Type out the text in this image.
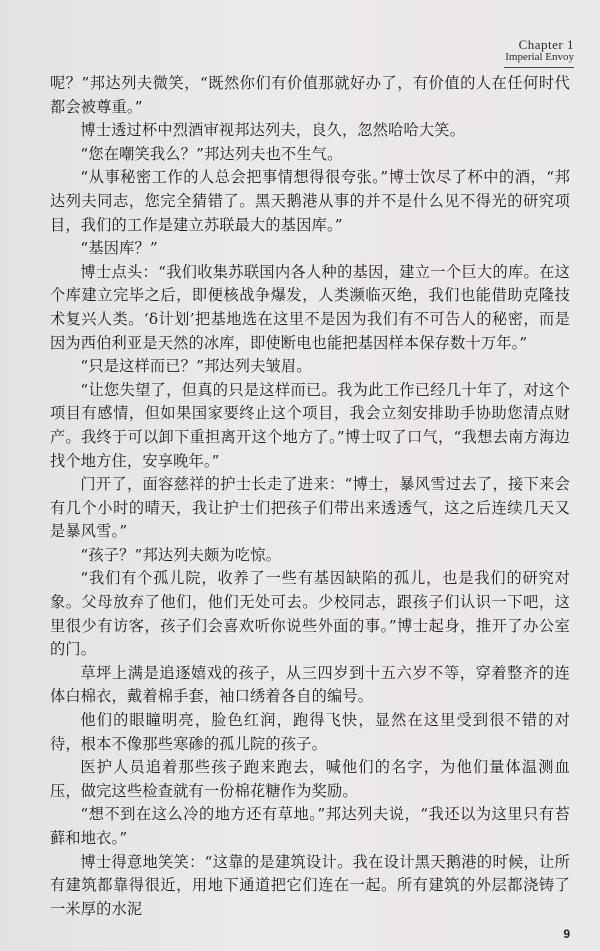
Chapter 1
Imperial Envoy

呢？”邦达列夫微笑，“既然你们有价值那就好办了，有价值的人在任何时代都会被尊重。”

博士透过杯中烈酒审视邦达列夫，良久，忽然哈哈大笑。

“您在嘲笑我么？”邦达列夫也不生气。

“从事秘密工作的人总会把事情想得很夸张。”博士饮尽了杯中的酒，“邦达列夫同志，您完全猜错了。黑天鹅港从事的并不是什么见不得光的研究项目，我们的工作是建立苏联最大的基因库。”

“基因库？”

博士点头：“我们收集苏联国内各人种的基因，建立一个巨大的库。在这个库建立完毕之后，即便核战争爆发，人类濒临灭绝，我们也能借助克隆技术复兴人类。‘δ计划’把基地选在这里不是因为我们有不可告人的秘密，而是因为西伯利亚是天然的冰库，即使断电也能把基因样本保存数十万年。”

“只是这样而已？”邦达列夫皱眉。

“让您失望了，但真的只是这样而已。我为此工作已经几十年了，对这个项目有感情，但如果国家要终止这个项目，我会立刻安排助手协助您清点财产。我终于可以卸下重担离开这个地方了。”博士叹了口气，“我想去南方海边找个地方住，安享晚年。”

门开了，面容慈祥的护士长走了进来：“博士，暴风雪过去了，接下来会有几个小时的晴天，我让护士们把孩子们带出来透透气，这之后连续几天又是暴风雪。”

“孩子？”邦达列夫颇为吃惊。

“我们有个孤儿院，收养了一些有基因缺陷的孤儿，也是我们的研究对象。父母放弃了他们，他们无处可去。少校同志，跟孩子们认识一下吧，这里很少有访客，孩子们会喜欢听你说些外面的事。”博士起身，推开了办公室的门。

草坪上满是追逐嬉戏的孩子，从三四岁到十五六岁不等，穿着整齐的连体白棉衣，戴着棉手套，袖口绣着各自的编号。

他们的眼瞳明亮，脸色红润，跑得飞快，显然在这里受到很不错的对待，根本不像那些寒碜的孤儿院的孩子。

医护人员追着那些孩子跑来跑去，喊他们的名字，为他们量体温测血压，做完这些检查就有一份棉花糖作为奖励。

“想不到在这么冷的地方还有草地。”邦达列夫说，“我还以为这里只有苔藓和地衣。”

博士得意地笑笑：“这靠的是建筑设计。我在设计黑天鹅港的时候，让所有建筑都靠得很近，用地下通道把它们连在一起。所有建筑的外层都浇铸了一米厚的水泥

9
